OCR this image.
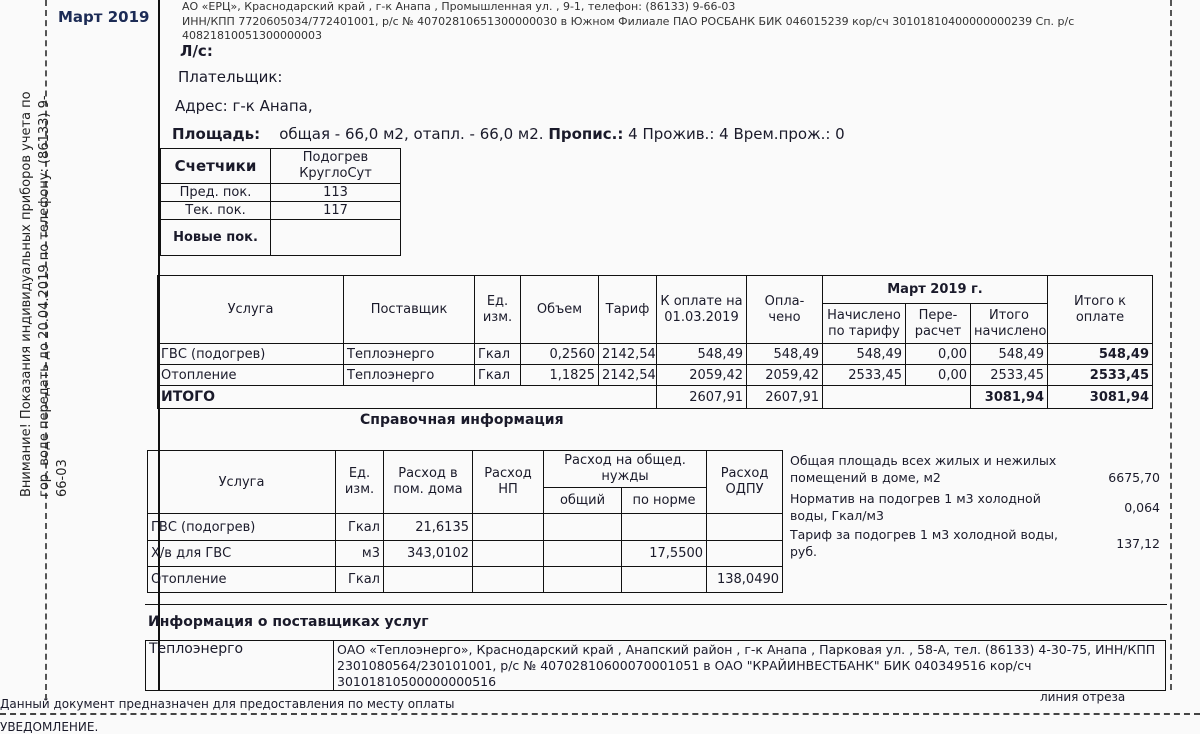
Внимание! Показания индивидуальных приборов учета по гор. воде передать до 20.04.2019 по телефону: (86133) 9-66-03
Март 2019
АО «ЕРЦ», Краснодарский край , г-к Анапа , Промышленная ул. , 9-1, телефон: (86133) 9-66-03
ИНН/КПП 7720605034/772401001, р/с № 40702810651300000030 в Южном Филиале ПАО РОСБАНК БИК 046015239 кор/сч 30101810400000000239 Сп. р/с
40821810051300000003
Л/с:
Плательщик:
Адрес: г-к Анапа,
Площадь: общая - 66,0 м2, отапл. - 66,0 м2. Пропис.: 4 Прожив.: 4 Врем.прож.: 0
Счетчики	Подогрев КруглоСут
Пред. пок.	113
Тек. пок.	117
Новые пок.	
Услуга	Поставщик	Ед. изм.	Объем	Тариф	К оплате на 01.03.2019	Опла- чено	Март 2019 г.			Итого к оплате
							Начислено по тарифу	Пере- расчет	Итого начислено	
ГВС (подогрев)	Теплоэнерго	Гкал	0,2560	2142,54	548,49	548,49	548,49	0,00	548,49	548,49
Отопление	Теплоэнерго	Гкал	1,1825	2142,54	2059,42	2059,42	2533,45	0,00	2533,45	2533,45
ИТОГО					2607,91	2607,91			3081,94	3081,94
Справочная информация
Услуга	Ед. изм.	Расход в пом. дома	Расход НП	Расход на общед. нужды		Расход ОДПУ
				общий	по норме	
ГВС (подогрев)	Гкал	21,6135				
Х/в для ГВС	м3	343,0102			17,5500	
Отопление	Гкал					138,0490
Общая площадь всех жилых и нежилых помещений в доме, м2	6675,70
Норматив на подогрев 1 м3 холодной воды, Гкал/м3
0,064
Тариф за подогрев 1 м3 холодной воды, руб.
137,12
Информация о поставщиках услуг
Теплоэнерго	ОАО «Теплоэнерго», Краснодарский край , Анапский район , г-к Анапа , Парковая ул. , 58-А, тел. (86133) 4-30-75, ИНН/КПП 2301080564/230101001, р/с № 40702810600070001051 в ОАО "КРАЙИНВЕСТБАНК" БИК 040349516 кор/сч 30101810500000000516
Данный документ предназначен для предоставления по месту оплаты	линия отреза
УВЕДОМЛЕНИЕ.
